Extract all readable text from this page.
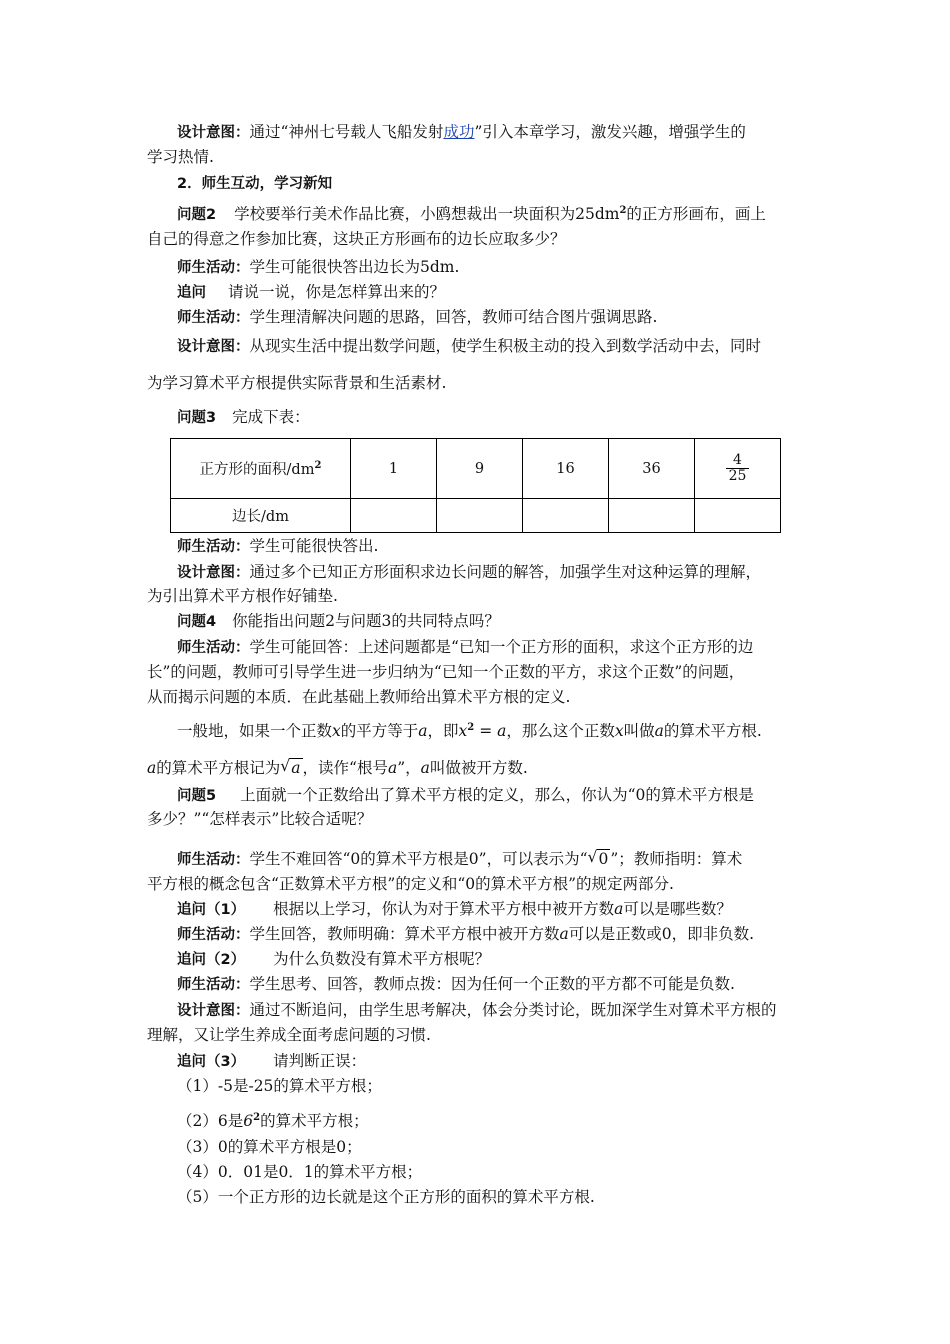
设计意图：通过“神州七号载人飞船发射成功”引入本章学习，激发兴趣，增强学生的
学习热情.
2．师生互动，学习新知
问题2 学校要举行美术作品比赛，小鸥想裁出一块面积为$25dm^2$的正方形画布，画上
自己的得意之作参加比赛，这块正方形画布的边长应取多少？
师生活动：学生可能很快答出边长为5dm.
追问 请说一说，你是怎样算出来的？
师生活动：学生理清解决问题的思路，回答，教师可结合图片强调思路.
设计意图：从现实生活中提出数学问题，使学生积极主动的投入到数学活动中去，同时
为学习算术平方根提供实际背景和生活素材.
问题3 完成下表：
正方形的面积$/dm^2$	1	9	16	36	$\frac{4}{25}$

边长/dm					
师生活动：学生可能很快答出.
设计意图：通过多个已知正方形面积求边长问题的解答，加强学生对这种运算的理解，
为引出算术平方根作好铺垫.
问题4 你能指出问题2与问题3的共同特点吗？
师生活动：学生可能回答：上述问题都是“已知一个正方形的面积，求这个正方形的边
长”的问题，教师可引导学生进一步归纳为“已知一个正数的平方，求这个正数”的问题，
从而揭示问题的本质．在此基础上教师给出算术平方根的定义.
一般地，如果一个正数x的平方等于a，即$x^2 = a$，那么这个正数x叫做a的算术平方根.
a的算术平方根记为 √ a ，读作“根号a”，a叫做被开方数.
问题5 上面就一个正数给出了算术平方根的定义，那么，你认为“0的算术平方根是
多少？”“怎样表示”比较合适呢？
师生活动：学生不难回答“0的算术平方根是0”，可以表示为“ √ 0 ”；教师指明：算术
平方根的概念包含“正数算术平方根”的定义和“0的算术平方根”的规定两部分.
追问（1） 根据以上学习，你认为对于算术平方根中被开方数a可以是哪些数？
师生活动：学生回答，教师明确：算术平方根中被开方数a可以是正数或0，即非负数.
追问（2） 为什么负数没有算术平方根呢？
师生活动：学生思考、回答，教师点拨：因为任何一个正数的平方都不可能是负数.
设计意图：通过不断追问，由学生思考解决，体会分类讨论，既加深学生对算术平方根的
理解，又让学生养成全面考虑问题的习惯.
追问（3） 请判断正误：
（1）-5是-25的算术平方根；
（2）6是$6^2$的算术平方根；
（3）0的算术平方根是0；
（4）0．01是0．1的算术平方根；
（5）一个正方形的边长就是这个正方形的面积的算术平方根.
